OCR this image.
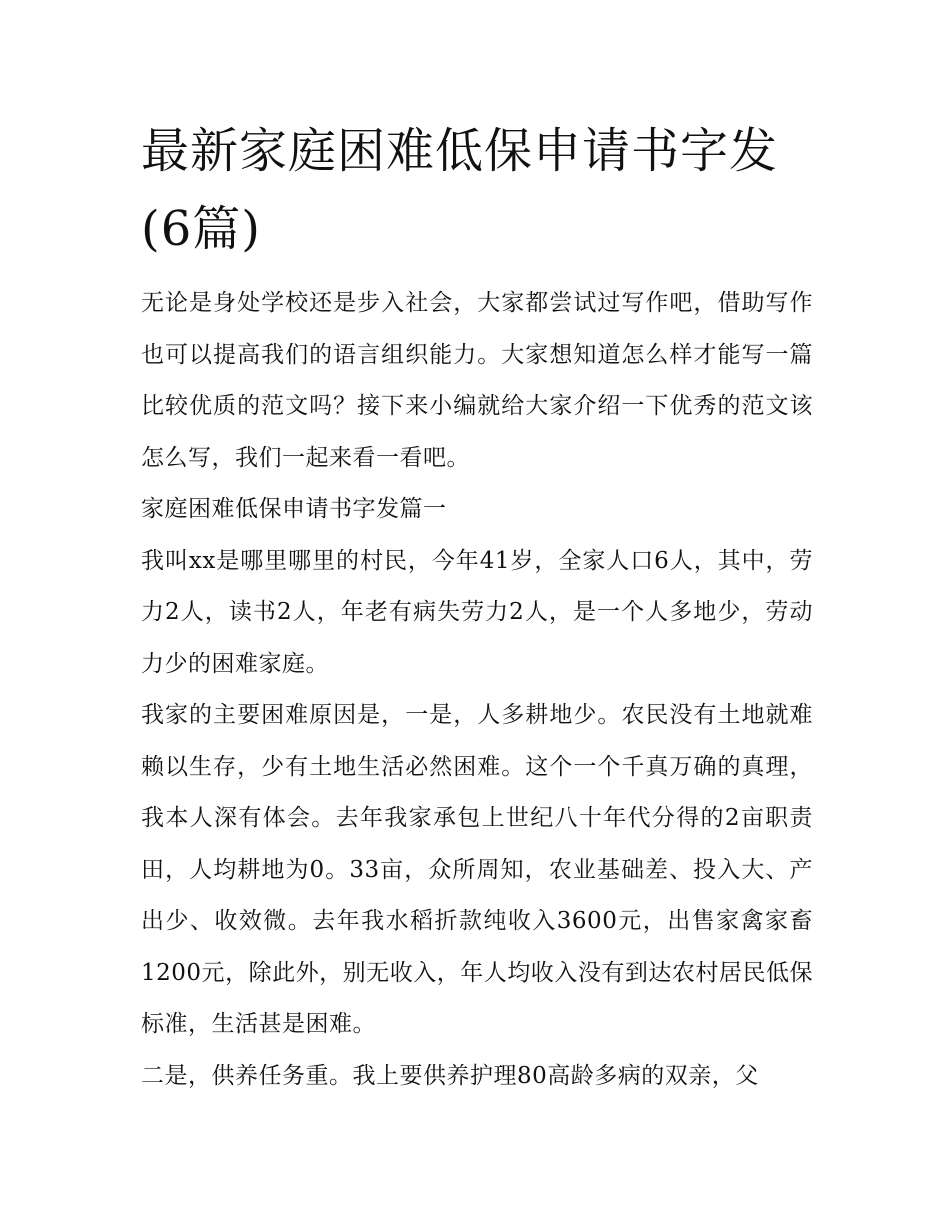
最新家庭困难低保申请书字发(6篇)

无论是身处学校还是步入社会，大家都尝试过写作吧，借助写作也可以提高我们的语言组织能力。大家想知道怎么样才能写一篇比较优质的范文吗？接下来小编就给大家介绍一下优秀的范文该怎么写，我们一起来看一看吧。

家庭困难低保申请书字发篇一

我叫xx是哪里哪里的村民，今年41岁，全家人口6人，其中，劳力2人，读书2人，年老有病失劳力2人，是一个人多地少，劳动力少的困难家庭。

我家的主要困难原因是，一是，人多耕地少。农民没有土地就难赖以生存，少有土地生活必然困难。这个一个千真万确的真理，我本人深有体会。去年我家承包上世纪八十年代分得的2亩职责田，人均耕地为0。33亩，众所周知，农业基础差、投入大、产出少、收效微。去年我水稻折款纯收入3600元，出售家禽家畜1200元，除此外，别无收入，年人均收入没有到达农村居民低保标准，生活甚是困难。

二是，供养任务重。我上要供养护理80高龄多病的双亲，父
